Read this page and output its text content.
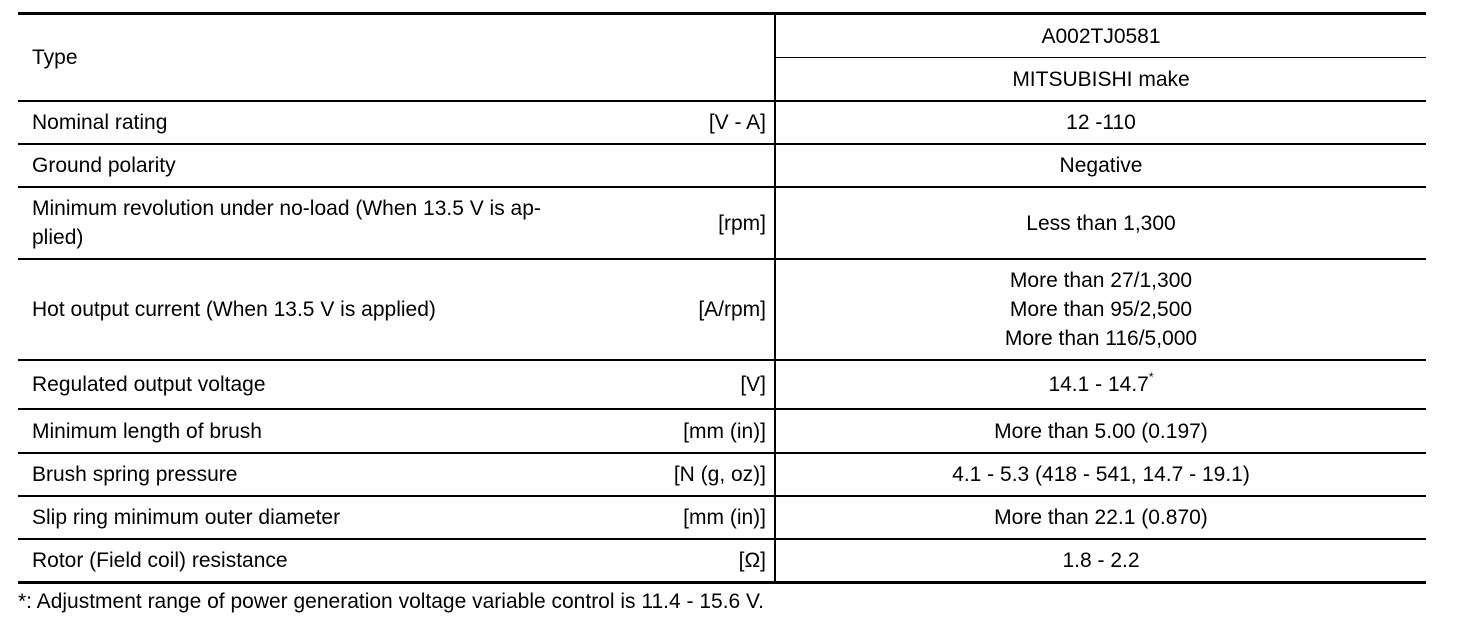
Type		A002TJ0581
		MITSUBISHI make
Nominal rating	[V - A]	12 -110
Ground polarity		Negative

Minimum revolution under no-load (When 13.5 V is ap-
plied)	[rpm]	Less than 1,300
Hot output current (When 13.5 V is applied)	[A/rpm]	More than 27/1,300
More than 95/2,500
More than 116/5,000

Regulated output voltage	[V]	14.1 - 14.7*
Minimum length of brush	[mm (in)]	More than 5.00 (0.197)
Brush spring pressure	[N (g, oz)]	4.1 - 5.3 (418 - 541, 14.7 - 19.1)
Slip ring minimum outer diameter	[mm (in)]	More than 22.1 (0.870)
Rotor (Field coil) resistance	[Ω]	1.8 - 2.2
*: Adjustment range of power generation voltage variable control is 11.4 - 15.6 V.
